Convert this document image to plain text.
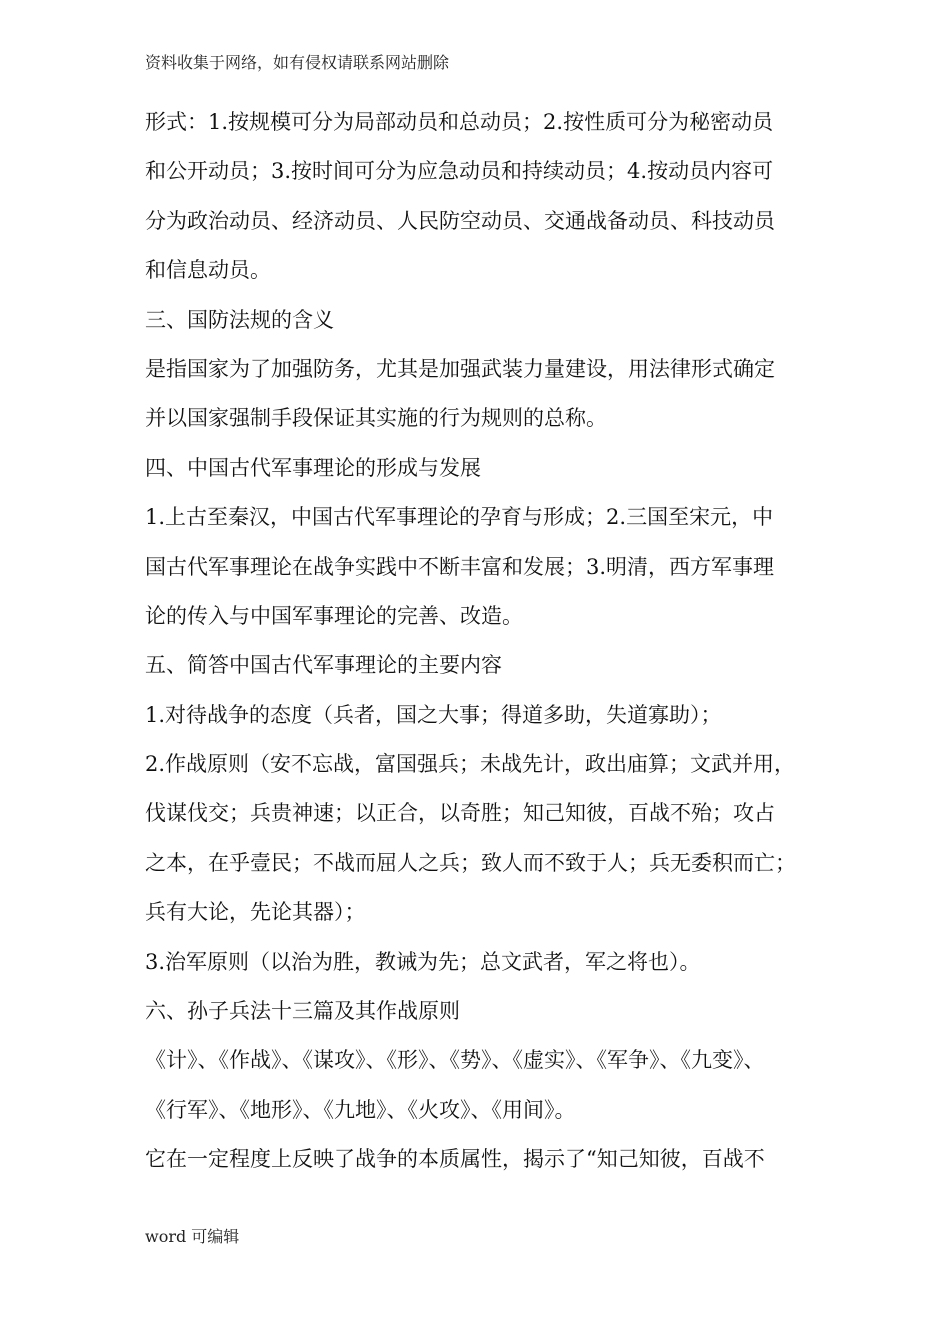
资料收集于网络，如有侵权请联系网站删除
形式：1.按规模可分为局部动员和总动员；2.按性质可分为秘密动员
和公开动员；3.按时间可分为应急动员和持续动员；4.按动员内容可
分为政治动员、经济动员、人民防空动员、交通战备动员、科技动员
和信息动员。
三、国防法规的含义
是指国家为了加强防务，尤其是加强武装力量建设，用法律形式确定
并以国家强制手段保证其实施的行为规则的总称。
四、中国古代军事理论的形成与发展
1.上古至秦汉，中国古代军事理论的孕育与形成；2.三国至宋元，中
国古代军事理论在战争实践中不断丰富和发展；3.明清，西方军事理
论的传入与中国军事理论的完善、改造。
五、简答中国古代军事理论的主要内容
1.对待战争的态度（兵者，国之大事；得道多助，失道寡助）；
2.作战原则（安不忘战，富国强兵；未战先计，政出庙算；文武并用，
伐谋伐交；兵贵神速；以正合，以奇胜；知己知彼，百战不殆；攻占
之本，在乎壹民；不战而屈人之兵；致人而不致于人；兵无委积而亡；
兵有大论，先论其器）；
3.治军原则（以治为胜，教诫为先；总文武者，军之将也）。
六、孙子兵法十三篇及其作战原则
《计》、《作战》、《谋攻》、《形》、《势》、《虚实》、《军争》、《九变》、
《行军》、《地形》、《九地》、《火攻》、《用间》。
它在一定程度上反映了战争的本质属性，揭示了“知己知彼，百战不
word 可编辑
